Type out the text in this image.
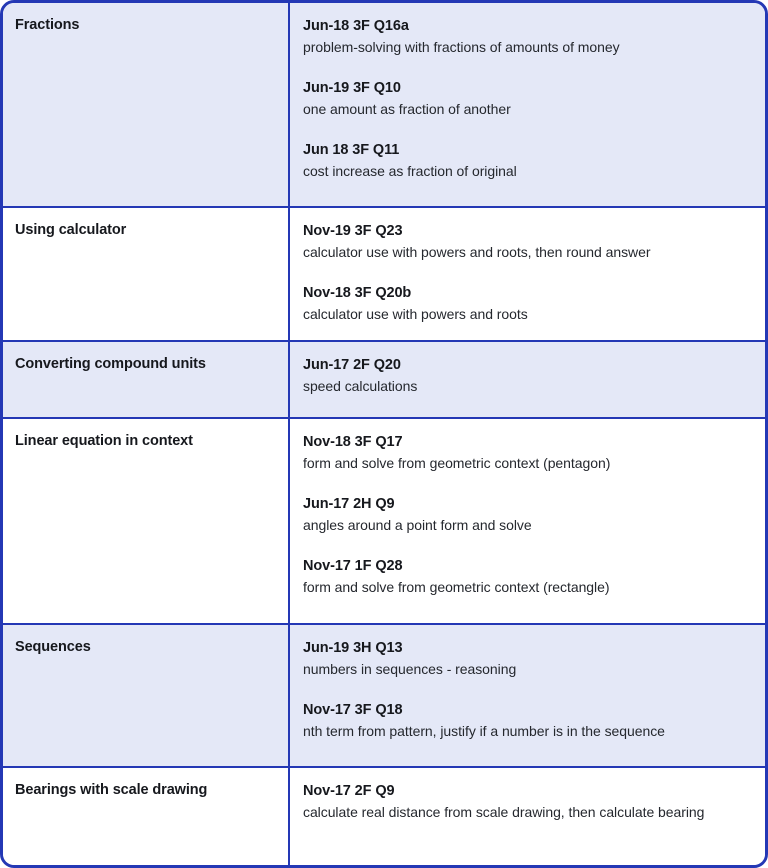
Fractions	Jun-18 3F Q16a
problem-solving with fractions of amounts of money
Jun-19 3F Q10
one amount as fraction of another
Jun 18 3F Q11
cost increase as fraction of original
Using calculator	Nov-19 3F Q23
calculator use with powers and roots, then round answer
Nov-18 3F Q20b
calculator use with powers and roots
Converting compound units	Jun-17 2F Q20
speed calculations
Linear equation in context	Nov-18 3F Q17
form and solve from geometric context (pentagon)
Jun-17 2H Q9
angles around a point form and solve
Nov-17 1F Q28
form and solve from geometric context (rectangle)
Sequences	Jun-19 3H Q13
numbers in sequences - reasoning
Nov-17 3F Q18
nth term from pattern, justify if a number is in the sequence
Bearings with scale drawing	Nov-17 2F Q9
calculate real distance from scale drawing, then calculate bearing
